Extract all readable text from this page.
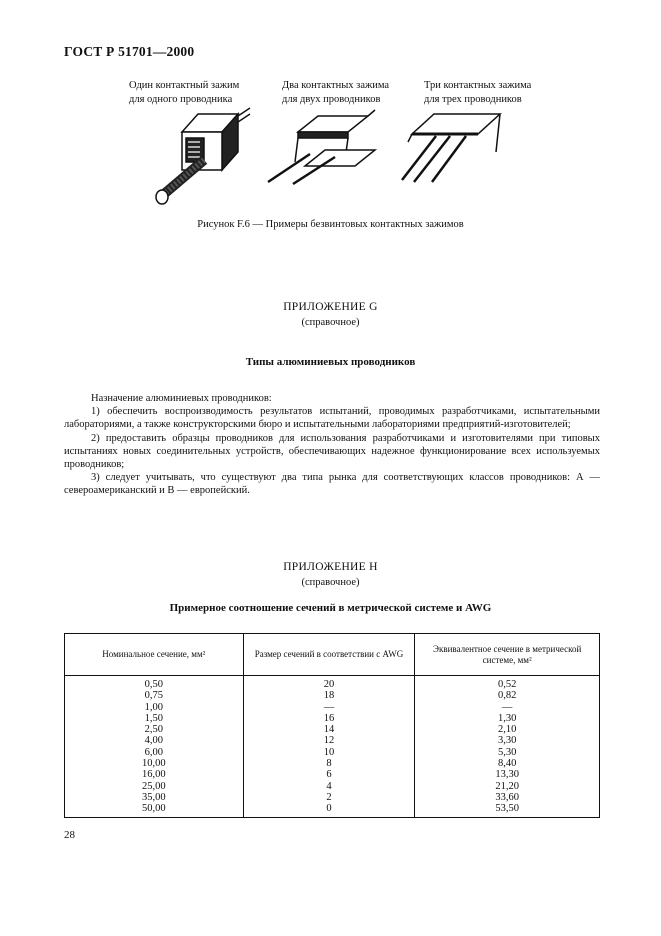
ГОСТ Р 51701—2000
Один контактный зажим
для одного проводника
Два контактных зажима
для двух проводников
Три контактных зажима
для трех проводников
Рисунок F.6 — Примеры безвинтовых контактных зажимов
ПРИЛОЖЕНИЕ G
(справочное)
Типы алюминиевых проводников

Назначение алюминиевых проводников:

1) обеспечить воспроизводимость результатов испытаний, проводимых разработчиками, испытательными лабораториями, а также конструкторскими бюро и испытательными лабораториями предприятий-изготовителей;

2) предоставить образцы проводников для использования разработчиками и изготовителями при типовых испытаниях новых соединительных устройств, обеспечивающих надежное функционирование всех используемых проводников;

3) следует учитывать, что существуют два типа рынка для соответствующих классов проводников: А — североамериканский и В — европейский.

ПРИЛОЖЕНИЕ Н
(справочное)
Примерное соотношение сечений в метрической системе и AWG
Номинальное сечение, мм²	Размер сечений в соответствии с AWG	Эквивалентное сечение в метрической системе, мм²
0,50	20	0,52
0,75	18	0,82
1,00	—	—
1,50	16	1,30
2,50	14	2,10
4,00	12	3,30
6,00	10	5,30
10,00	8	8,40
16,00	6	13,30
25,00	4	21,20
35,00	2	33,60
50,00	0	53,50
28
